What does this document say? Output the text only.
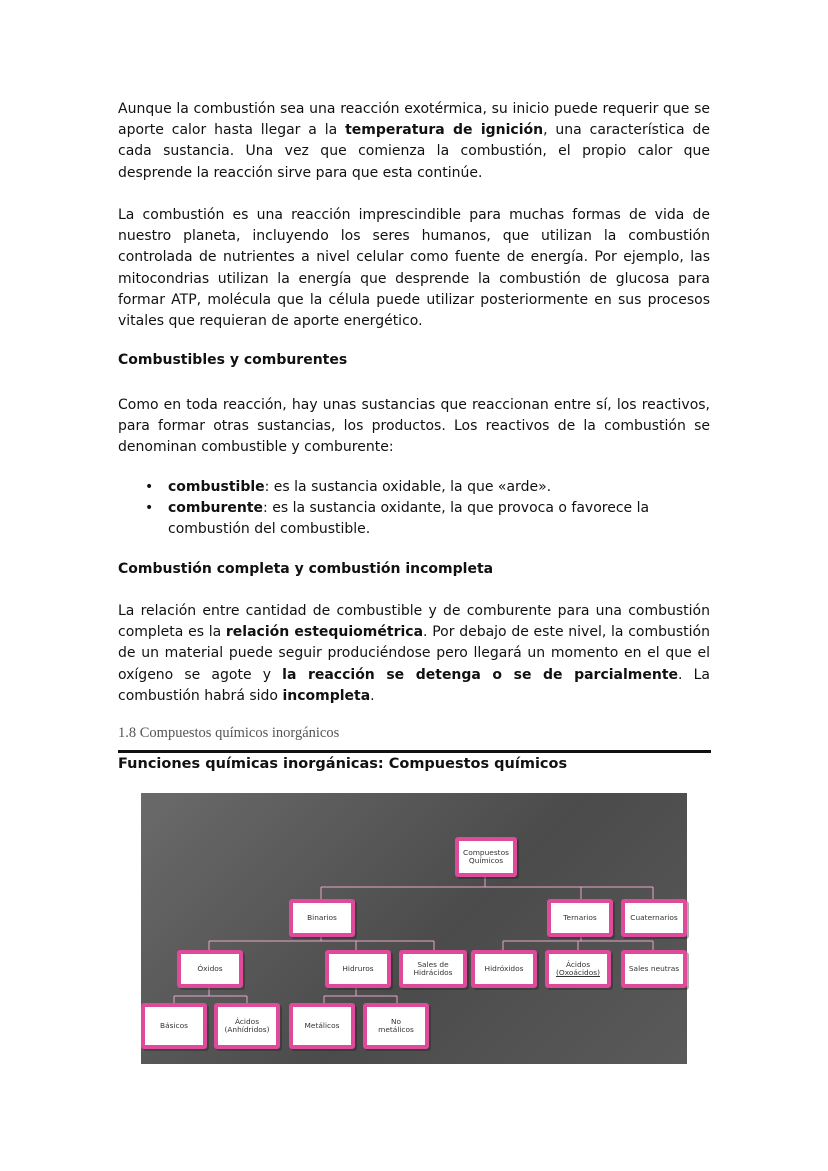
Aunque la combustión sea una reacción exotérmica, su inicio puede requerir que se aporte calor hasta llegar a la temperatura de ignición, una característica de cada sustancia. Una vez que comienza la combustión, el propio calor que desprende la reacción sirve para que esta continúe.

La combustión es una reacción imprescindible para muchas formas de vida de nuestro planeta, incluyendo los seres humanos, que utilizan la combustión controlada de nutrientes a nivel celular como fuente de energía. Por ejemplo, las mitocondrias utilizan la energía que desprende la combustión de glucosa para formar ATP, molécula que la célula puede utilizar posteriormente en sus procesos vitales que requieran de aporte energético.

Combustibles y comburentes

Como en toda reacción, hay unas sustancias que reaccionan entre sí, los reactivos, para formar otras sustancias, los productos. Los reactivos de la combustión se denominan combustible y comburente:

• combustible: es la sustancia oxidable, la que «arde».
• comburente: es la sustancia oxidante, la que provoca o favorece la combustión del combustible.

Combustión completa y combustión incompleta

La relación entre cantidad de combustible y de comburente para una combustión completa es la relación estequiométrica. Por debajo de este nivel, la combustión de un material puede seguir produciéndose pero llegará un momento en el que el oxígeno se agote y la reacción se detenga o se de parcialmente. La combustión habrá sido incompleta.

1.8 Compuestos químicos inorgánicos
Funciones químicas inorgánicas: Compuestos químicos
Compuestos
Químicos
Binarios	Ternarios	Cuaternarios
Óxidos	Hidruros	Sales de
Hidrácidos	Hidróxidos	Ácidos
(Oxoácidos)	Sales neutras
Básicos	Ácidos
(Anhídridos)	Metálicos	No
metálicos
